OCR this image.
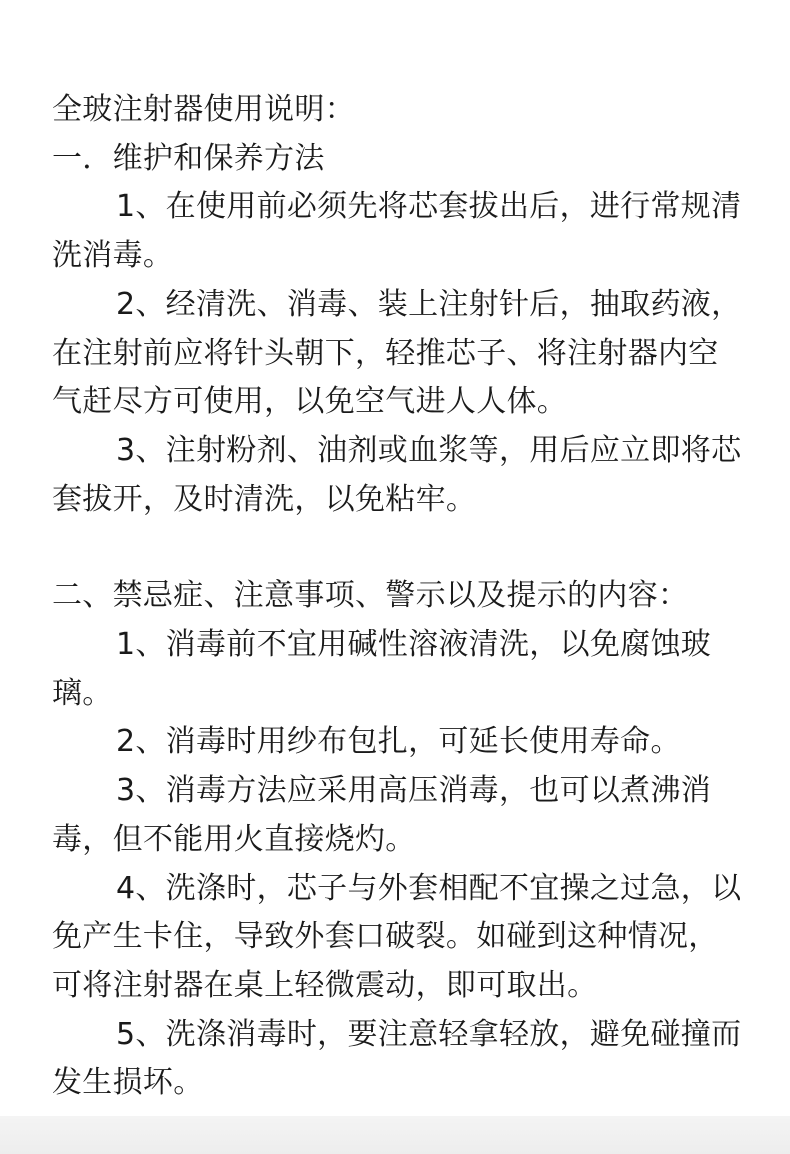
全玻注射器使用说明：

一．维护和保养方法

1、在使用前必须先将芯套拔出后，进行常规清洗消毒。

2、经清洗、消毒、装上注射针后，抽取药液，在注射前应将针头朝下，轻推芯子、将注射器内空气赶尽方可使用，以免空气进人人体。

3、注射粉剂、油剂或血浆等，用后应立即将芯套拔开，及时清洗，以免粘牢。

二、禁忌症、注意事项、警示以及提示的内容：

1、消毒前不宜用碱性溶液清洗，以免腐蚀玻璃。

2、消毒时用纱布包扎，可延长使用寿命。

3、消毒方法应采用高压消毒，也可以煮沸消毒，但不能用火直接烧灼。

4、洗涤时，芯子与外套相配不宜操之过急，以免产生卡住，导致外套口破裂。如碰到这种情况，可将注射器在桌上轻微震动，即可取出。

5、洗涤消毒时，要注意轻拿轻放，避免碰撞而发生损坏。
